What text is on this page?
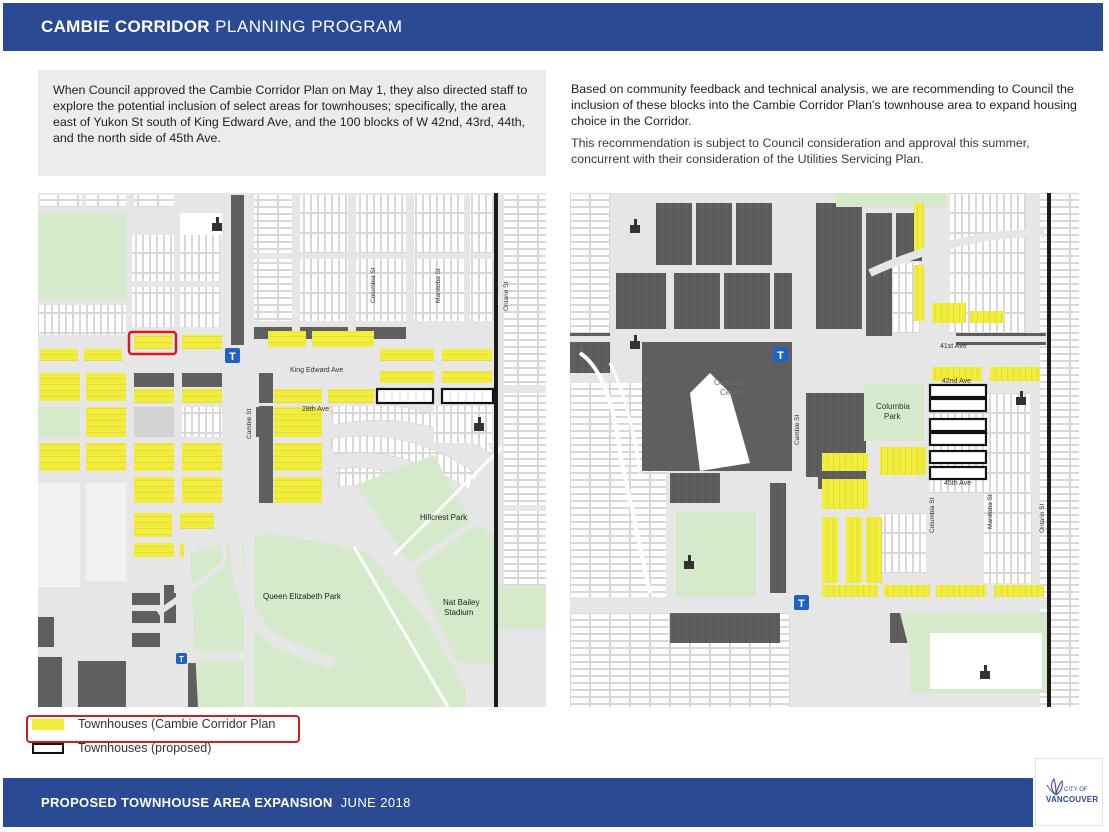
CAMBIE CORRIDOR PLANNING PROGRAM
When Council approved the Cambie Corridor Plan on May 1, they also directed staff to explore the potential inclusion of select areas for townhouses; specifically, the area east of Yukon St south of King Edward Ave, and the 100 blocks of W 42nd, 43rd, 44th, and the north side of 45th Ave.
Based on community feedback and technical analysis, we are recommending to Council the inclusion of these blocks into the Cambie Corridor Plan's townhouse area to expand housing choice in the Corridor.
This recommendation is subject to Council consideration and approval this summer, concurrent with their consideration of the Utilities Servicing Plan.
T
T
King Edward Ave
28th Ave
Cambie St
Columbia St	Manitoba St	Ontario St
Queen Elizabeth Park
Hillcrest Park
Nat Bailey
Stadium
T
T
41st Ave
42nd Ave
45th Ave
Cambie St
Columbia St	Manitoba St	Ontario St
Columbia
Park
Oakridge
Centre
Townhouses (Cambie Corridor Plan
Townhouses (proposed)
PROPOSED TOWNHOUSE AREA EXPANSION JUNE 2018
CITY OF
VANCOUVER
